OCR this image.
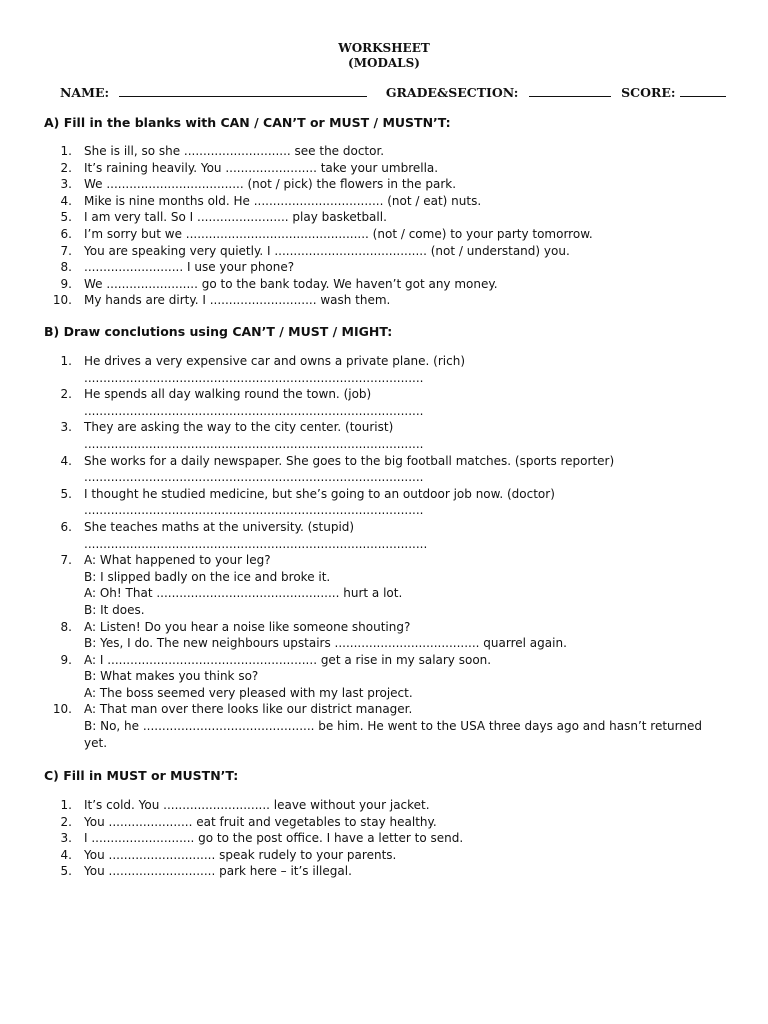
WORKSHEET
(MODALS)
NAME:	GRADE&SECTION:	SCORE:
A) Fill in the blanks with CAN / CAN’T or MUST / MUSTN’T:
1. She is ill, so she ............................ see the doctor.
2. It’s raining heavily. You ........................ take your umbrella.
3. We .................................... (not / pick) the flowers in the park.
4. Mike is nine months old. He .................................. (not / eat) nuts.
5. I am very tall. So I ........................ play basketball.
6. I’m sorry but we ................................................ (not / come) to your party tomorrow.
7. You are speaking very quietly. I ........................................ (not / understand) you.
8. .......................... I use your phone?
9. We ........................ go to the bank today. We haven’t got any money.
10. My hands are dirty. I ............................ wash them.
B) Draw conclutions using CAN’T / MUST / MIGHT:
1. He drives a very expensive car and owns a private plane. (rich)
.........................................................................................
2. He spends all day walking round the town. (job)
.........................................................................................
3. They are asking the way to the city center. (tourist)
.........................................................................................
4. She works for a daily newspaper. She goes to the big football matches. (sports reporter)
.........................................................................................
5. I thought he studied medicine, but she’s going to an outdoor job now. (doctor)
.........................................................................................
6. She teaches maths at the university. (stupid)
..........................................................................................
7. A: What happened to your leg?
B: I slipped badly on the ice and broke it.
A: Oh! That ................................................ hurt a lot.
B: It does.
8. A: Listen! Do you hear a noise like someone shouting?
B: Yes, I do. The new neighbours upstairs ...................................... quarrel again.
9. A: I ....................................................... get a rise in my salary soon.
B: What makes you think so?
A: The boss seemed very pleased with my last project.
10. A: That man over there looks like our district manager.
B: No, he ............................................. be him. He went to the USA three days ago and hasn’t returned
yet.
C) Fill in MUST or MUSTN’T:
1. It’s cold. You ............................ leave without your jacket.
2. You ...................... eat fruit and vegetables to stay healthy.
3. I ........................... go to the post office. I have a letter to send.
4. You ............................ speak rudely to your parents.
5. You ............................ park here – it’s illegal.
